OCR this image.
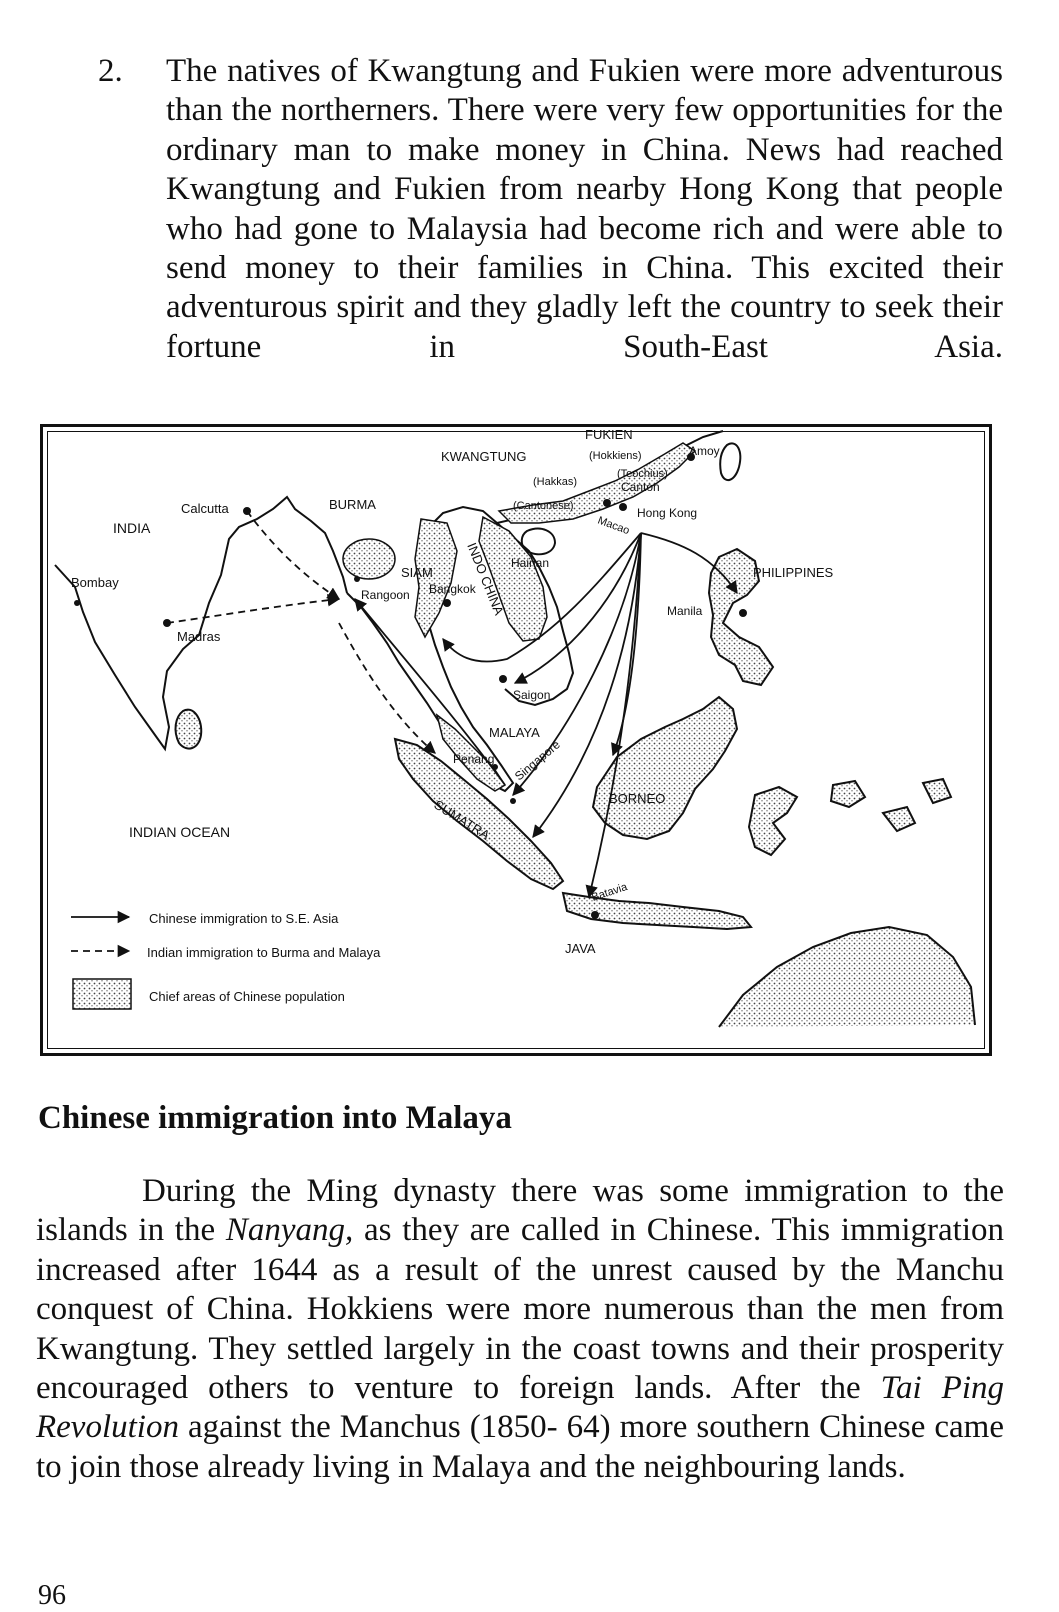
2. The natives of Kwangtung and Fukien were more adventurous than the northerners. There were very few opportunities for the ordinary man to make money in China. News had reached Kwangtung and Fukien from nearby Hong Kong that people who had gone to Malaysia had become rich and were able to send money to their families in China. This excited their adventurous spirit and they gladly left the country to seek their fortune in South-East Asia.
INDIA
Bombay
Calcutta
Madras
BURMA
Rangoon
SIAM
Bangkok
INDO CHINA
Saigon
KWANGTUNG
FUKIEN
(Hokkiens)
(Hakkas)
(Teochius)
(Cantonese)
Amoy
Canton
Hong Kong
Macao
Hainan
PHILIPPINES
Manila
MALAYA
Penang Singapore
BORNEO
SUMATRA
Batavia
JAVA
INDIAN OCEAN
Chinese immigration to S.E. Asia
Indian immigration to Burma and Malaya
Chief areas of Chinese population
Chinese immigration into Malaya
During the Ming dynasty there was some immigration to the islands in the Nanyang, as they are called in Chinese. This immigration increased after 1644 as a result of the unrest caused by the Manchu conquest of China. Hokkiens were more numerous than the men from Kwangtung. They settled largely in the coast towns and their prosperity encouraged others to venture to foreign lands. After the Tai Ping Revolution against the Manchus (1850- 64) more southern Chinese came to join those already living in Malaya and the neighbouring lands.
96
